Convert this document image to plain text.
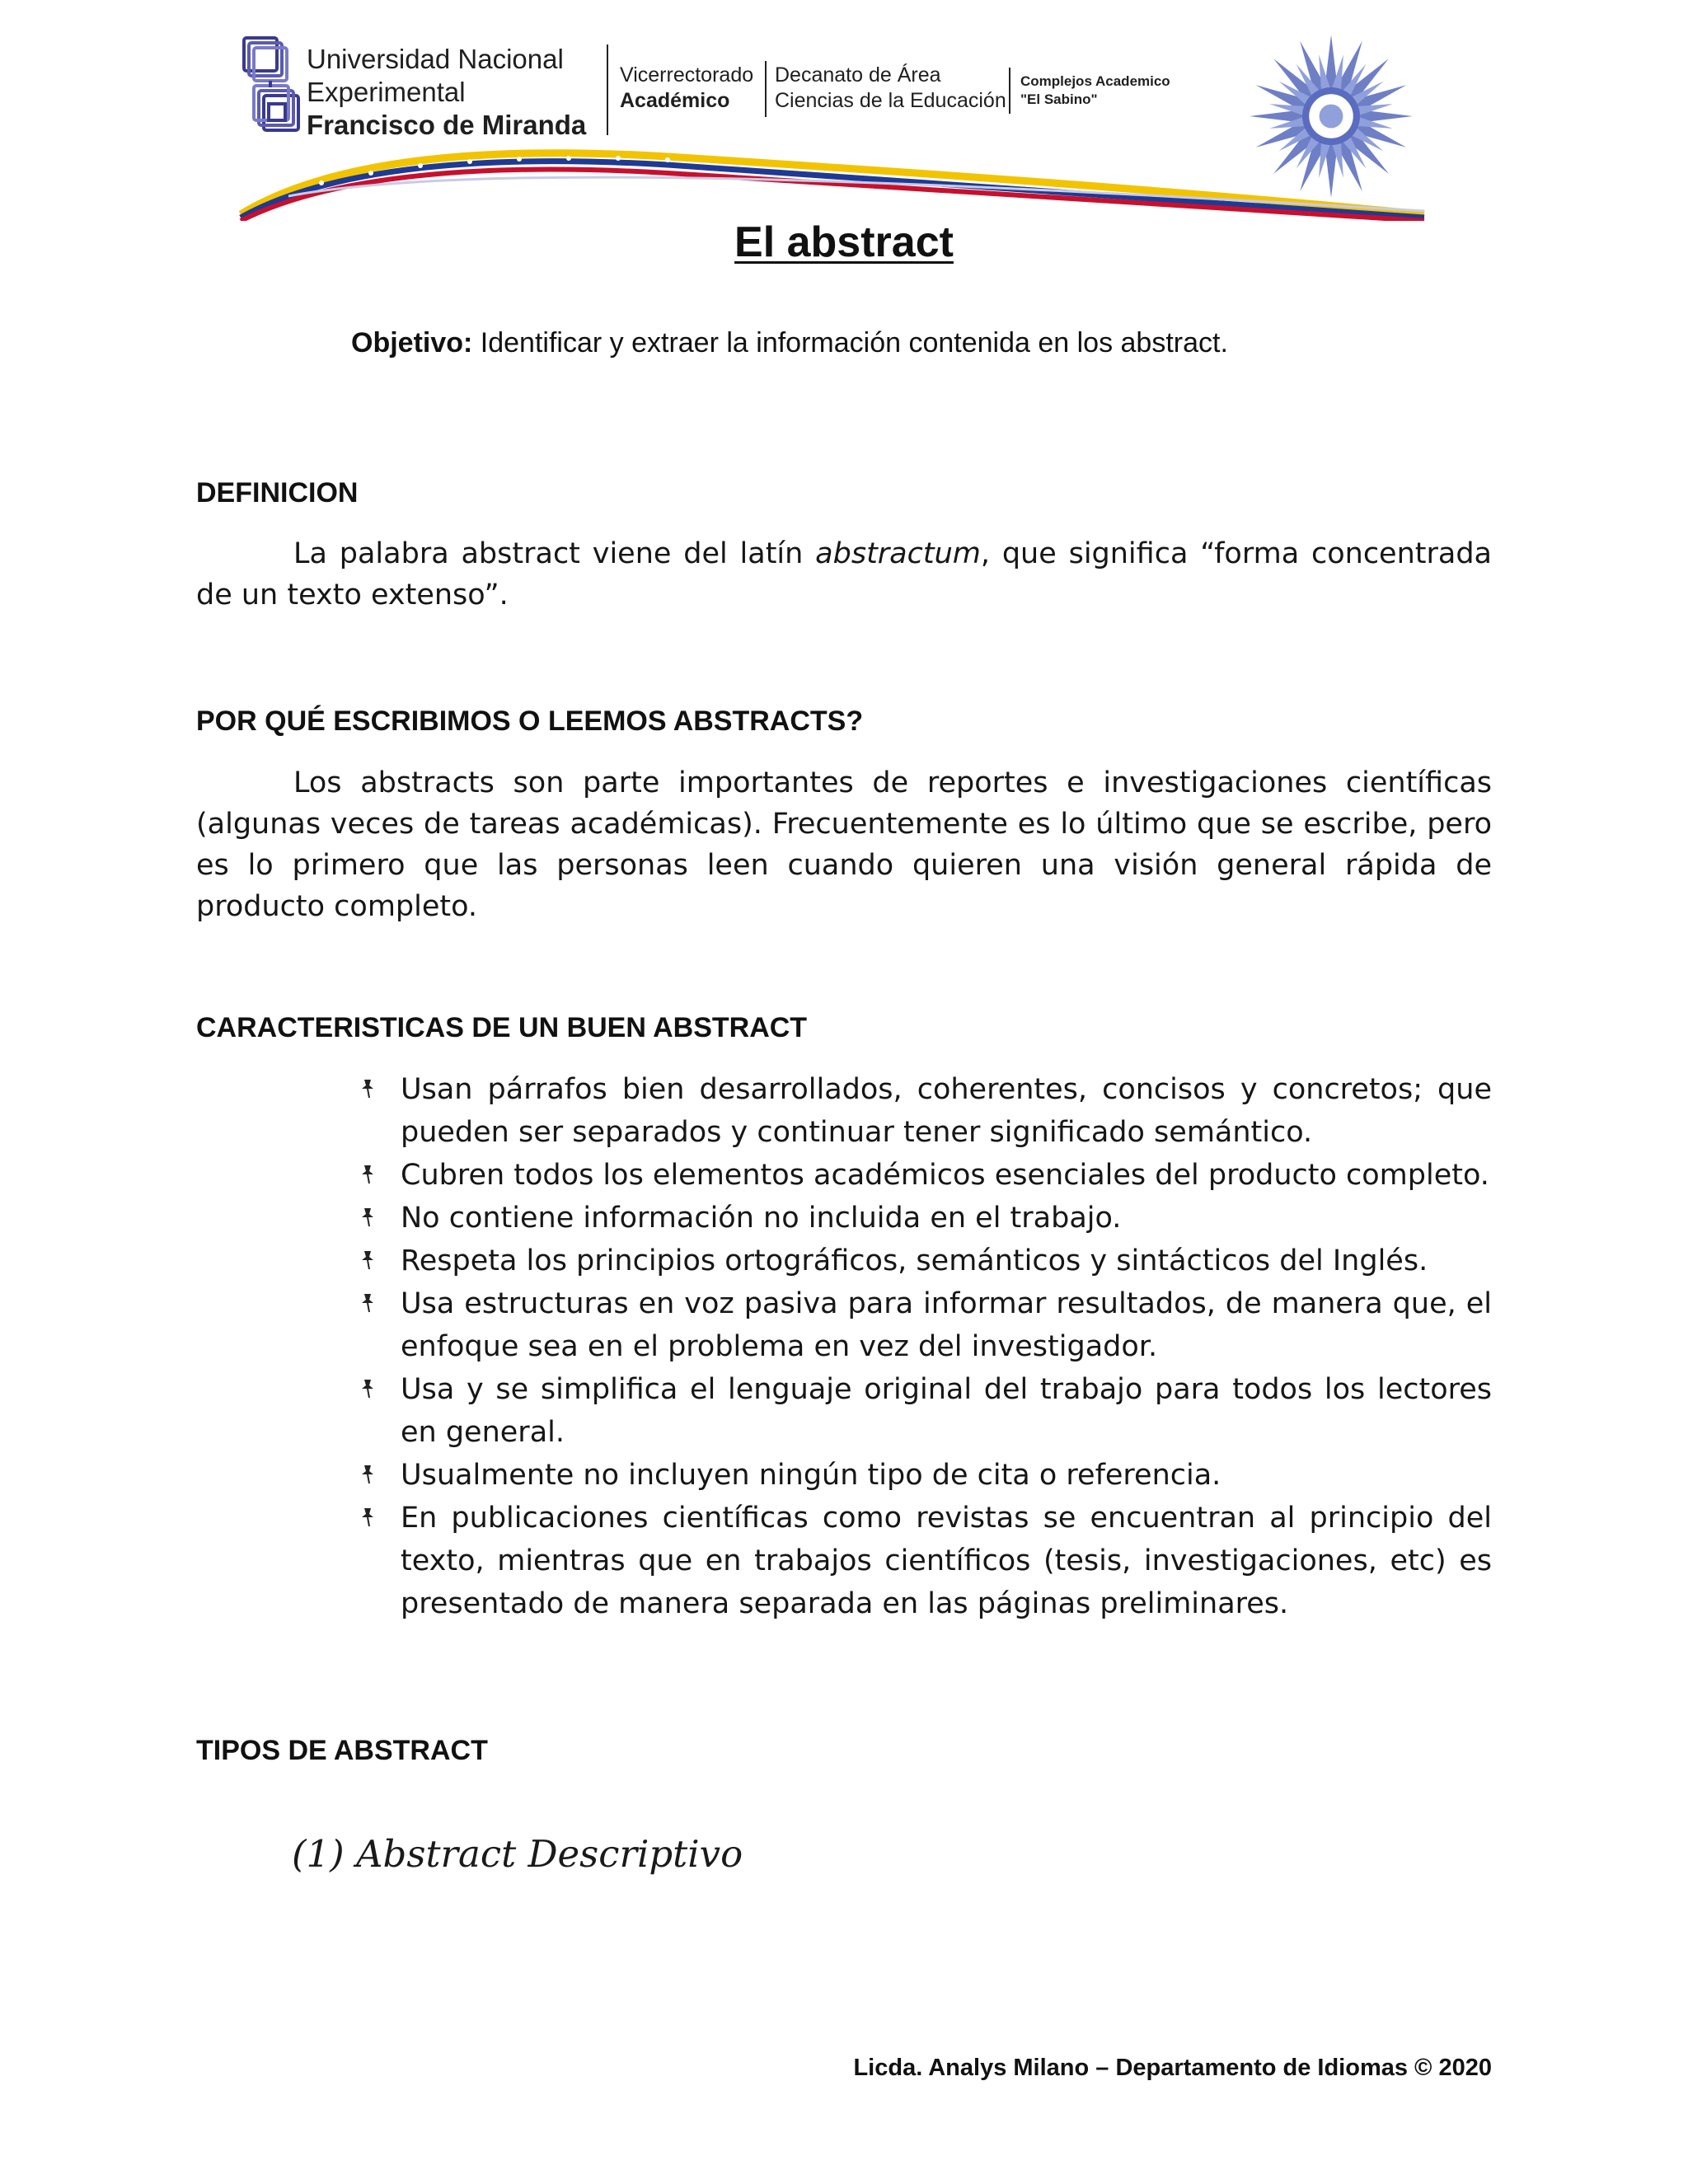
Universidad Nacional
Experimental
Francisco de Miranda
Vicerrectorado
Académico
Decanato de Área
Ciencias de la Educación
Complejos Academico
"El Sabino"
El abstract
Objetivo: Identificar y extraer la información contenida en los abstract.
DEFINICION
La palabra abstract viene del latín abstractum, que significa “forma concentrada de un texto extenso”.
POR QUÉ ESCRIBIMOS O LEEMOS ABSTRACTS?
Los abstracts son parte importantes de reportes e investigaciones científicas (algunas veces de tareas académicas). Frecuentemente es lo último que se escribe, pero es lo primero que las personas leen cuando quieren una visión general rápida de producto completo.
CARACTERISTICAS DE UN BUEN ABSTRACT
Usan párrafos bien desarrollados, coherentes, concisos y concretos; que pueden ser separados y continuar tener significado semántico.
Cubren todos los elementos académicos esenciales del producto completo.
No contiene información no incluida en el trabajo.
Respeta los principios ortográficos, semánticos y sintácticos del Inglés.
Usa estructuras en voz pasiva para informar resultados, de manera que, el enfoque sea en el problema en vez del investigador.
Usa y se simplifica el lenguaje original del trabajo para todos los lectores en general.
Usualmente no incluyen ningún tipo de cita o referencia.
En publicaciones científicas como revistas se encuentran al principio del texto, mientras que en trabajos científicos (tesis, investigaciones, etc) es presentado de manera separada en las páginas preliminares.
TIPOS DE ABSTRACT
(1) Abstract Descriptivo
Licda. Analys Milano – Departamento de Idiomas © 2020
